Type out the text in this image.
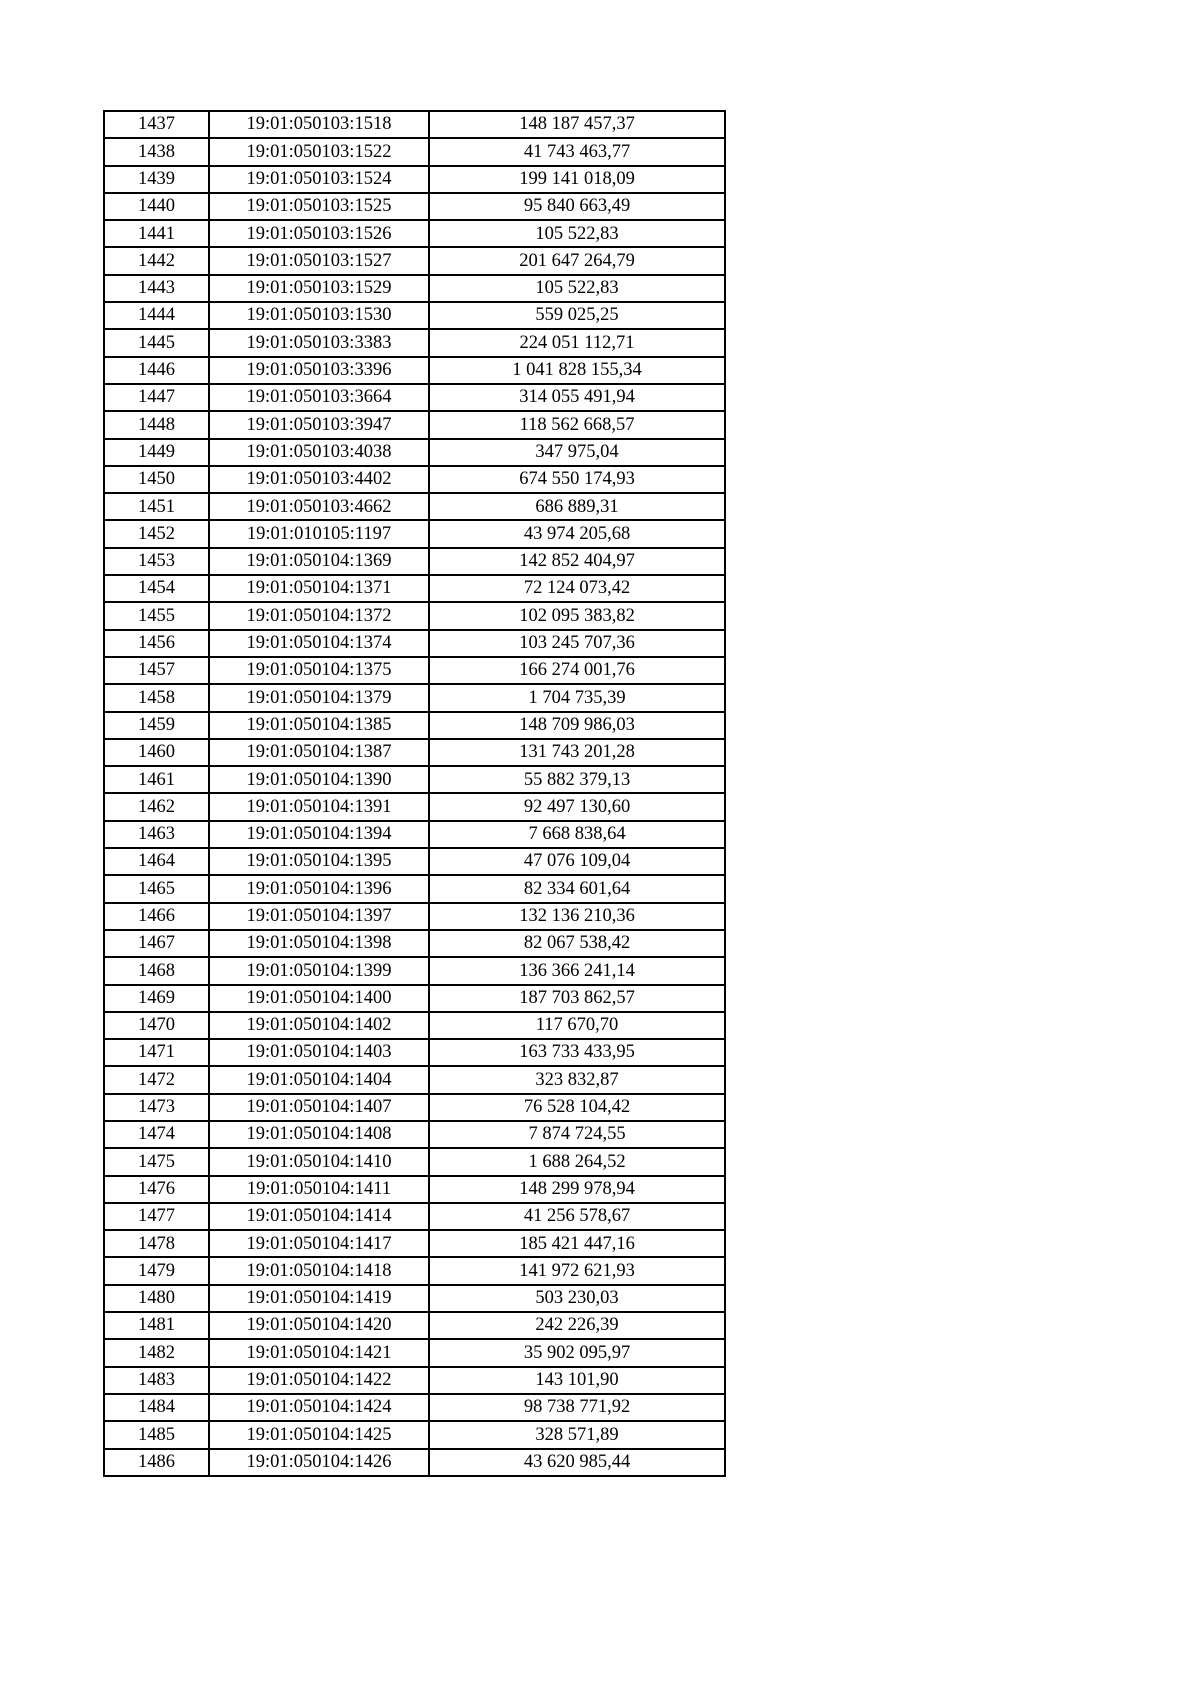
1437	19:01:050103:1518	148 187 457,37
1438	19:01:050103:1522	41 743 463,77
1439	19:01:050103:1524	199 141 018,09
1440	19:01:050103:1525	95 840 663,49
1441	19:01:050103:1526	105 522,83
1442	19:01:050103:1527	201 647 264,79
1443	19:01:050103:1529	105 522,83
1444	19:01:050103:1530	559 025,25
1445	19:01:050103:3383	224 051 112,71
1446	19:01:050103:3396	1 041 828 155,34
1447	19:01:050103:3664	314 055 491,94
1448	19:01:050103:3947	118 562 668,57
1449	19:01:050103:4038	347 975,04
1450	19:01:050103:4402	674 550 174,93
1451	19:01:050103:4662	686 889,31
1452	19:01:010105:1197	43 974 205,68
1453	19:01:050104:1369	142 852 404,97
1454	19:01:050104:1371	72 124 073,42
1455	19:01:050104:1372	102 095 383,82
1456	19:01:050104:1374	103 245 707,36
1457	19:01:050104:1375	166 274 001,76
1458	19:01:050104:1379	1 704 735,39
1459	19:01:050104:1385	148 709 986,03
1460	19:01:050104:1387	131 743 201,28
1461	19:01:050104:1390	55 882 379,13
1462	19:01:050104:1391	92 497 130,60
1463	19:01:050104:1394	7 668 838,64
1464	19:01:050104:1395	47 076 109,04
1465	19:01:050104:1396	82 334 601,64
1466	19:01:050104:1397	132 136 210,36
1467	19:01:050104:1398	82 067 538,42
1468	19:01:050104:1399	136 366 241,14
1469	19:01:050104:1400	187 703 862,57
1470	19:01:050104:1402	117 670,70
1471	19:01:050104:1403	163 733 433,95
1472	19:01:050104:1404	323 832,87
1473	19:01:050104:1407	76 528 104,42
1474	19:01:050104:1408	7 874 724,55
1475	19:01:050104:1410	1 688 264,52
1476	19:01:050104:1411	148 299 978,94
1477	19:01:050104:1414	41 256 578,67
1478	19:01:050104:1417	185 421 447,16
1479	19:01:050104:1418	141 972 621,93
1480	19:01:050104:1419	503 230,03
1481	19:01:050104:1420	242 226,39
1482	19:01:050104:1421	35 902 095,97
1483	19:01:050104:1422	143 101,90
1484	19:01:050104:1424	98 738 771,92
1485	19:01:050104:1425	328 571,89
1486	19:01:050104:1426	43 620 985,44
